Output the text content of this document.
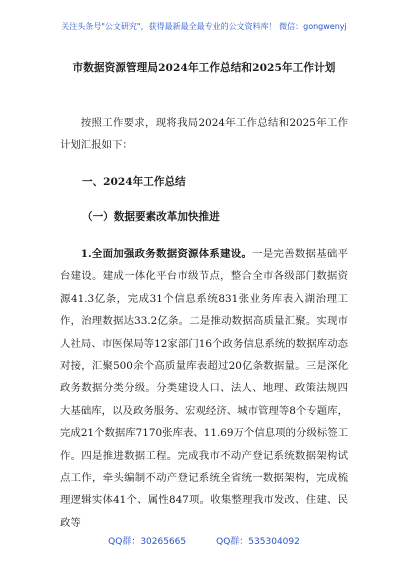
关注头条号"公文研究"，获得最新最全最专业的公文资料库！ 微信：gongwenyj
市数据资源管理局2024年工作总结和2025年工作计划
按照工作要求，现将我局2024年工作总结和2025年工作计划汇报如下：
一、2024年工作总结
（一）数据要素改革加快推进
1.全面加强政务数据资源体系建设。一是完善数据基础平台建设。建成一体化平台市级节点，整合全市各级部门数据资源41.3亿条，完成31个信息系统831张业务库表入湖治理工作，治理数据达33.2亿条。二是推动数据高质量汇聚。实现市人社局、市医保局等12家部门16个政务信息系统的数据库动态对接，汇聚500余个高质量库表超过20亿条数据量。三是深化政务数据分类分级。分类建设人口、法人、地理、政策法规四大基础库，以及政务服务、宏观经济、城市管理等8个专题库，完成21个数据库7170张库表、11.69万个信息项的分级标签工作。四是推进数据工程。完成我市不动产登记系统数据架构试点工作，牵头编制不动产登记系统全省统一数据架构，完成梳理逻辑实体41个、属性847项。收集整理我市发改、住建、民政等
QQ群：30265665	QQ群：535304092
